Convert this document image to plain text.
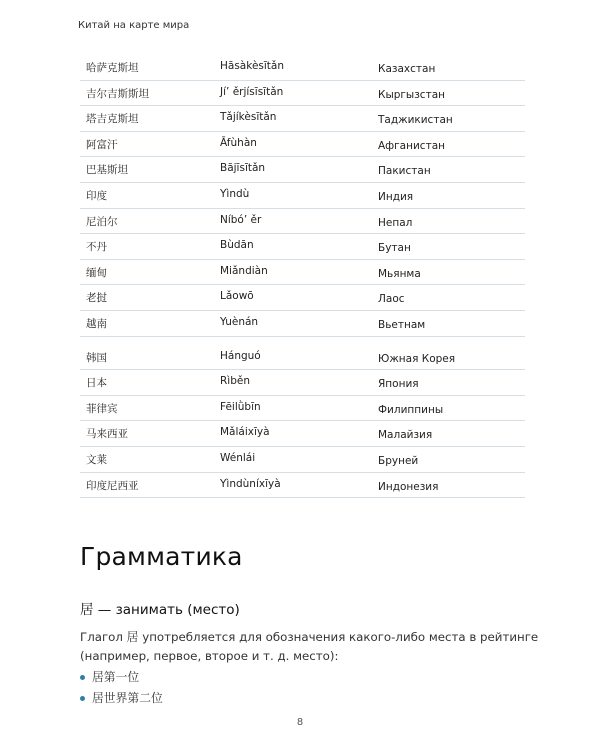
Китай на карте мира
哈萨克斯坦	Hāsàkèsītǎn	Казахстан
吉尔吉斯斯坦	Jí’ ěrjísīsītǎn	Кыргызстан
塔吉克斯坦	Tǎjíkèsītǎn	Таджикистан
阿富汗	Āfùhàn	Афганистан
巴基斯坦	Bājīsītǎn	Пакистан
印度	Yìndù	Индия
尼泊尔	Níbó’ ěr	Непал
不丹	Bùdān	Бутан
缅甸	Miǎndiàn	Мьянма
老挝	Lǎowō	Лаос
越南	Yuènán	Вьетнам
韩国	Hánguó	Южная Корея
日本	Rìběn	Япония
菲律宾	Fēilǜbīn	Филиппины
马来西亚	Mǎláixīyà	Малайзия
文莱	Wénlái	Бруней
印度尼西亚	Yìndùníxīyà	Индонезия
Грамматика
居 — занимать (место)
Глагол 居 употребляется для обозначения какого-либо места в рейтинге (например, первое, второе и т. д. место):
居第一位
居世界第二位
8
